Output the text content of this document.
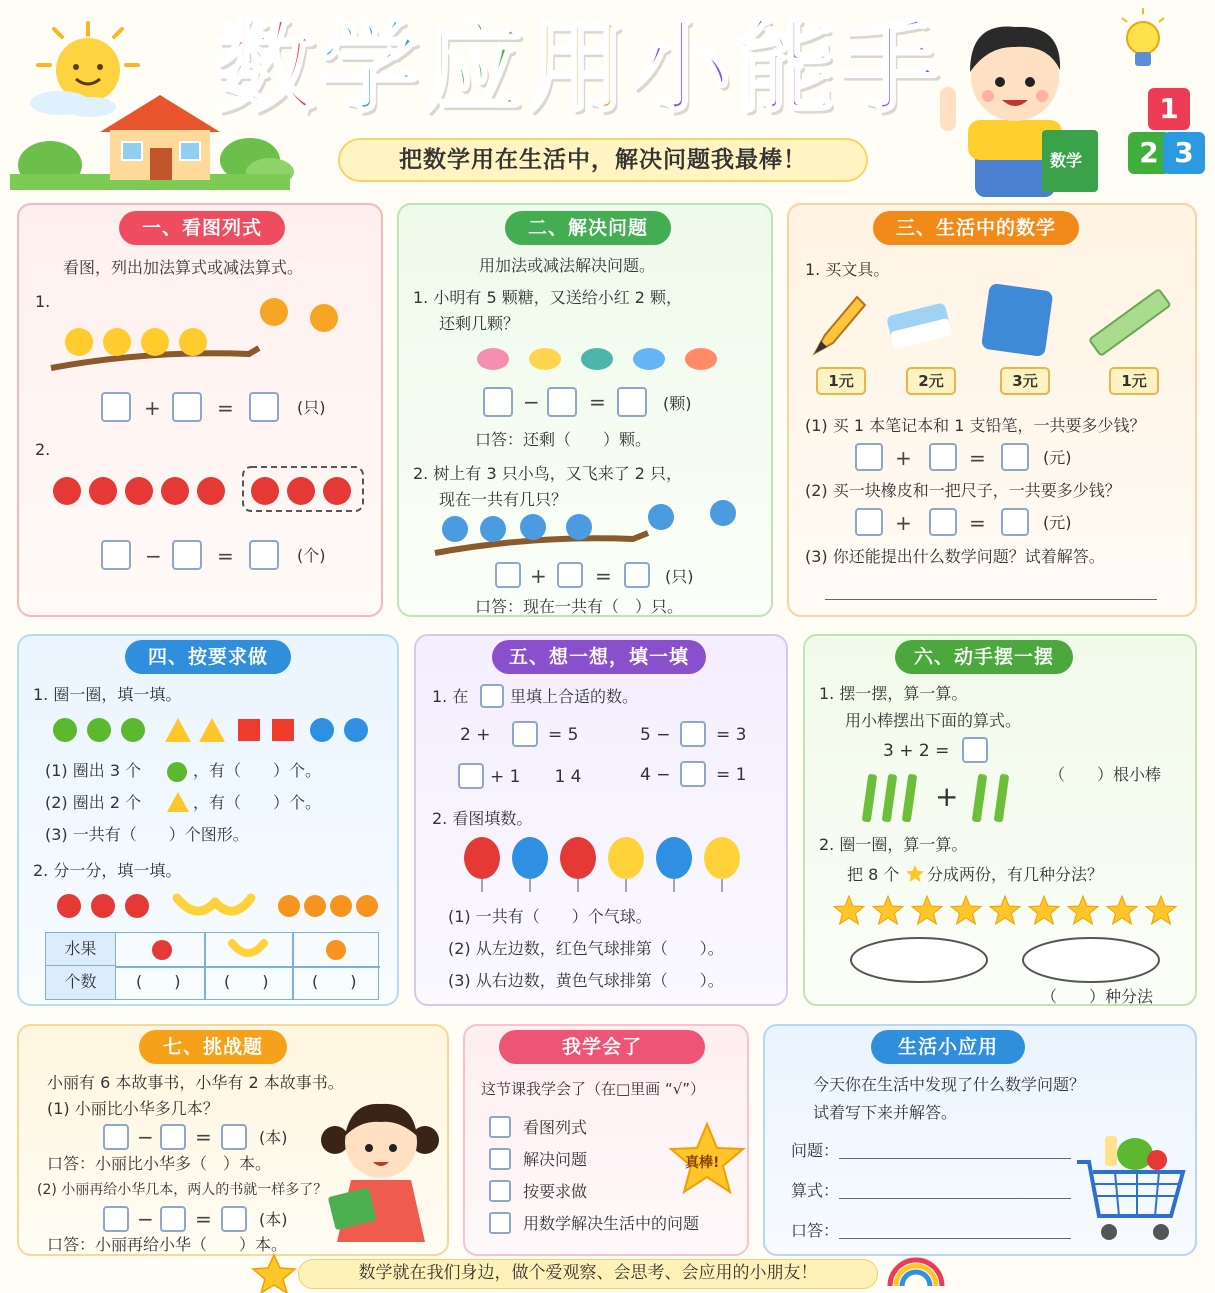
数 学 应 用 小 能 手
把数学用在生活中，解决问题我最棒！	数学
1
2 3
一、看图列式
看图，列出加法算式或减法算式。
1.
+	=	(只)
2.
−	=	(个)
二、解决问题
用加法或减法解决问题。
1. 小明有 5 颗糖，又送给小红 2 颗，
还剩几颗？
− =	(颗)
口答：还剩（　　）颗。
2. 树上有 3 只小鸟，又飞来了 2 只，
现在一共有几只？
+ =	(只)
口答：现在一共有（　）只。
三、生活中的数学
1. 买文具。
1元	2元	3元	1元
(1) 买 1 本笔记本和 1 支铅笔，一共要多少钱？
+	=	(元)
(2) 买一块橡皮和一把尺子，一共要多少钱？
+	=	(元)
(3) 你还能提出什么数学问题？试着解答。
四、按要求做
1. 圈一圈，填一填。
(1) 圈出 3 个	，有（　　）个。
(2) 圈出 2 个	，有（　　）个。
(3) 一共有（　　）个图形。
2. 分一分，填一填。
水果
个数	(　　)	(　　)	(　　)
五、想一想，填一填
1. 在	里填上合适的数。
2 +	= 5	5 −	= 3
+ 1　　1 4	4 −	= 1
2. 看图填数。
(1) 一共有（　　）个气球。
(2) 从左边数，红色气球排第（　　）。
(3) 从右边数，黄色气球排第（　　）。
六、动手摆一摆
1. 摆一摆，算一算。
用小棒摆出下面的算式。
3 + 2 =
+
（　　）根小棒
2. 圈一圈，算一算。
把 8 个 分成两份，有几种分法？
（　　）种分法
七、挑战题
小丽有 6 本故事书，小华有 2 本故事书。
(1) 小丽比小华多几本？
− =	(本)
口答：小丽比小华多（　）本。
(2) 小丽再给小华几本，两人的书就一样多了？
− =	(本)
口答：小丽再给小华（　　）本。
我学会了
这节课我学会了（在□里画 “√”）
看图列式
解决问题
按要求做
用数学解决生活中的问题
真棒!
生活小应用
今天你在生活中发现了什么数学问题？
试着写下来并解答。
问题：
算式：
口答：
数学就在我们身边，做个爱观察、会思考、会应用的小朋友！
